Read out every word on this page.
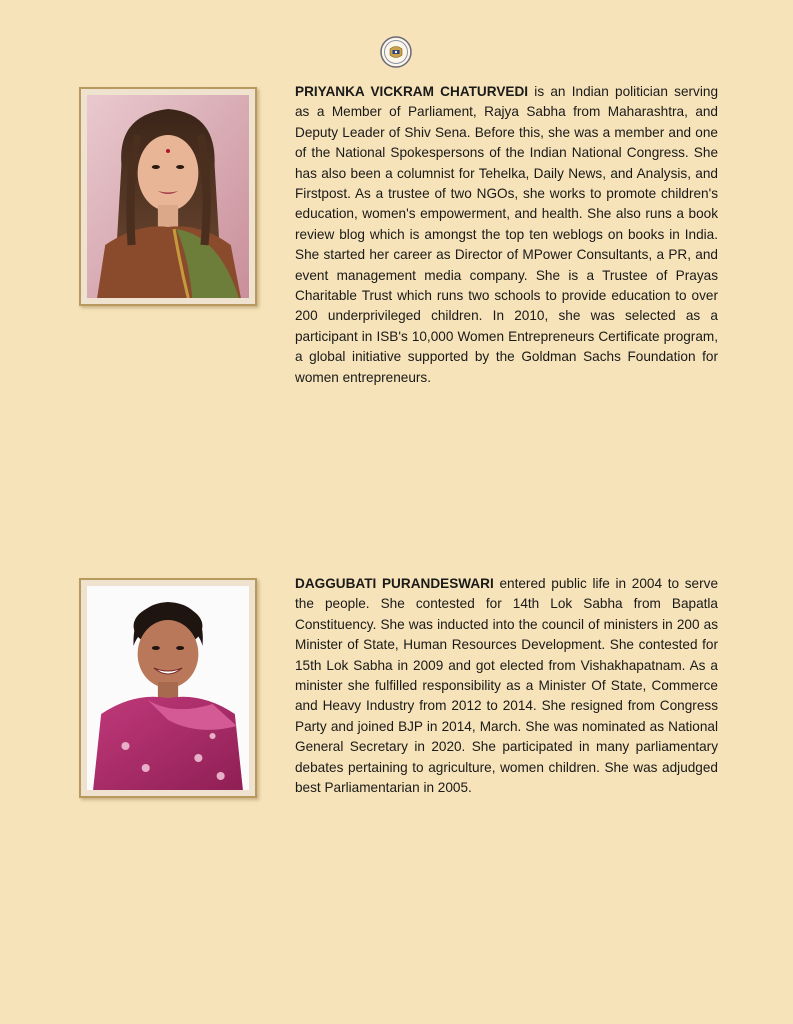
PRIYANKA VICKRAM CHATURVEDI is an Indian politician serving as a Member of Parliament, Rajya Sabha from Maharashtra, and Deputy Leader of Shiv Sena. Before this, she was a member and one of the National Spokespersons of the Indian National Congress. She has also been a columnist for Tehelka, Daily News, and Analysis, and Firstpost. As a trustee of two NGOs, she works to promote children's education, women's empowerment, and health. She also runs a book review blog which is amongst the top ten weblogs on books in India. She started her career as Director of MPower Consultants, a PR, and event management media company. She is a Trustee of Prayas Charitable Trust which runs two schools to provide education to over 200 underprivileged children. In 2010, she was selected as a participant in ISB's 10,000 Women Entrepreneurs Certificate program, a global initiative supported by the Goldman Sachs Foundation for women entrepreneurs.

DAGGUBATI PURANDESWARI entered public life in 2004 to serve the people. She contested for 14th Lok Sabha from Bapatla Constituency. She was inducted into the council of ministers in 200 as Minister of State, Human Resources Development. She contested for 15th Lok Sabha in 2009 and got elected from Vishakhapatnam. As a minister she fulfilled responsibility as a Minister Of State, Commerce and Heavy Industry from 2012 to 2014. She resigned from Congress Party and joined BJP in 2014, March. She was nominated as National General Secretary in 2020. She participated in many parliamentary debates pertaining to agriculture, women children. She was adjudged best Parliamentarian in 2005.
